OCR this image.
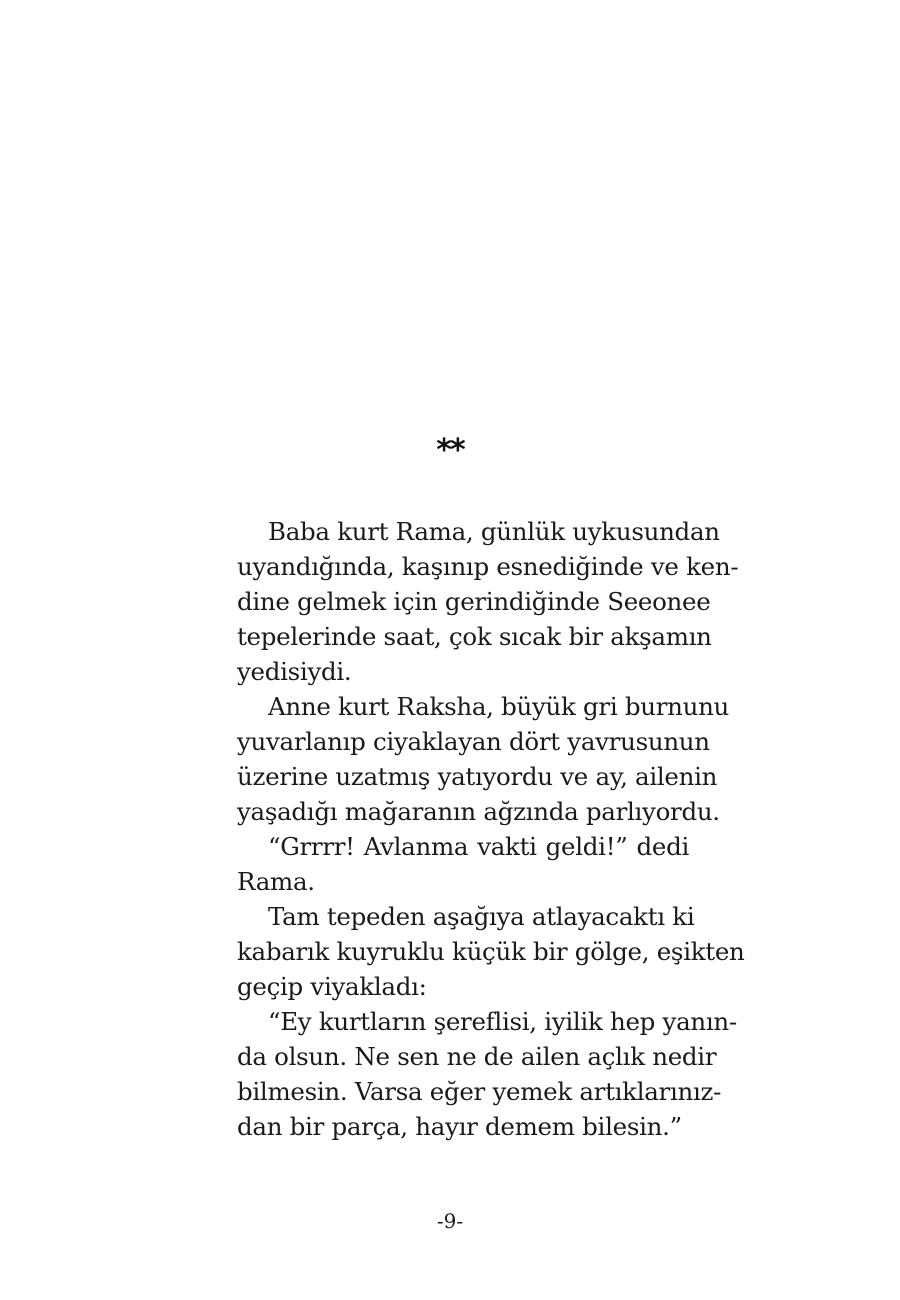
**
Baba kurt Rama, günlük uykusundan
uyandığında, kaşınıp esnediğinde ve ken-
dine gelmek için gerindiğinde Seeonee
tepelerinde saat, çok sıcak bir akşamın
yedisiydi.
Anne kurt Raksha, büyük gri burnunu
yuvarlanıp ciyaklayan dört yavrusunun
üzerine uzatmış yatıyordu ve ay, ailenin
yaşadığı mağaranın ağzında parlıyordu.
“Grrrr! Avlanma vakti geldi!” dedi
Rama.
Tam tepeden aşağıya atlayacaktı ki
kabarık kuyruklu küçük bir gölge, eşikten
geçip viyakladı:
“Ey kurtların şereflisi, iyilik hep yanın-
da olsun. Ne sen ne de ailen açlık nedir
bilmesin. Varsa eğer yemek artıklarınız-
dan bir parça, hayır demem bilesin.”
-9-
